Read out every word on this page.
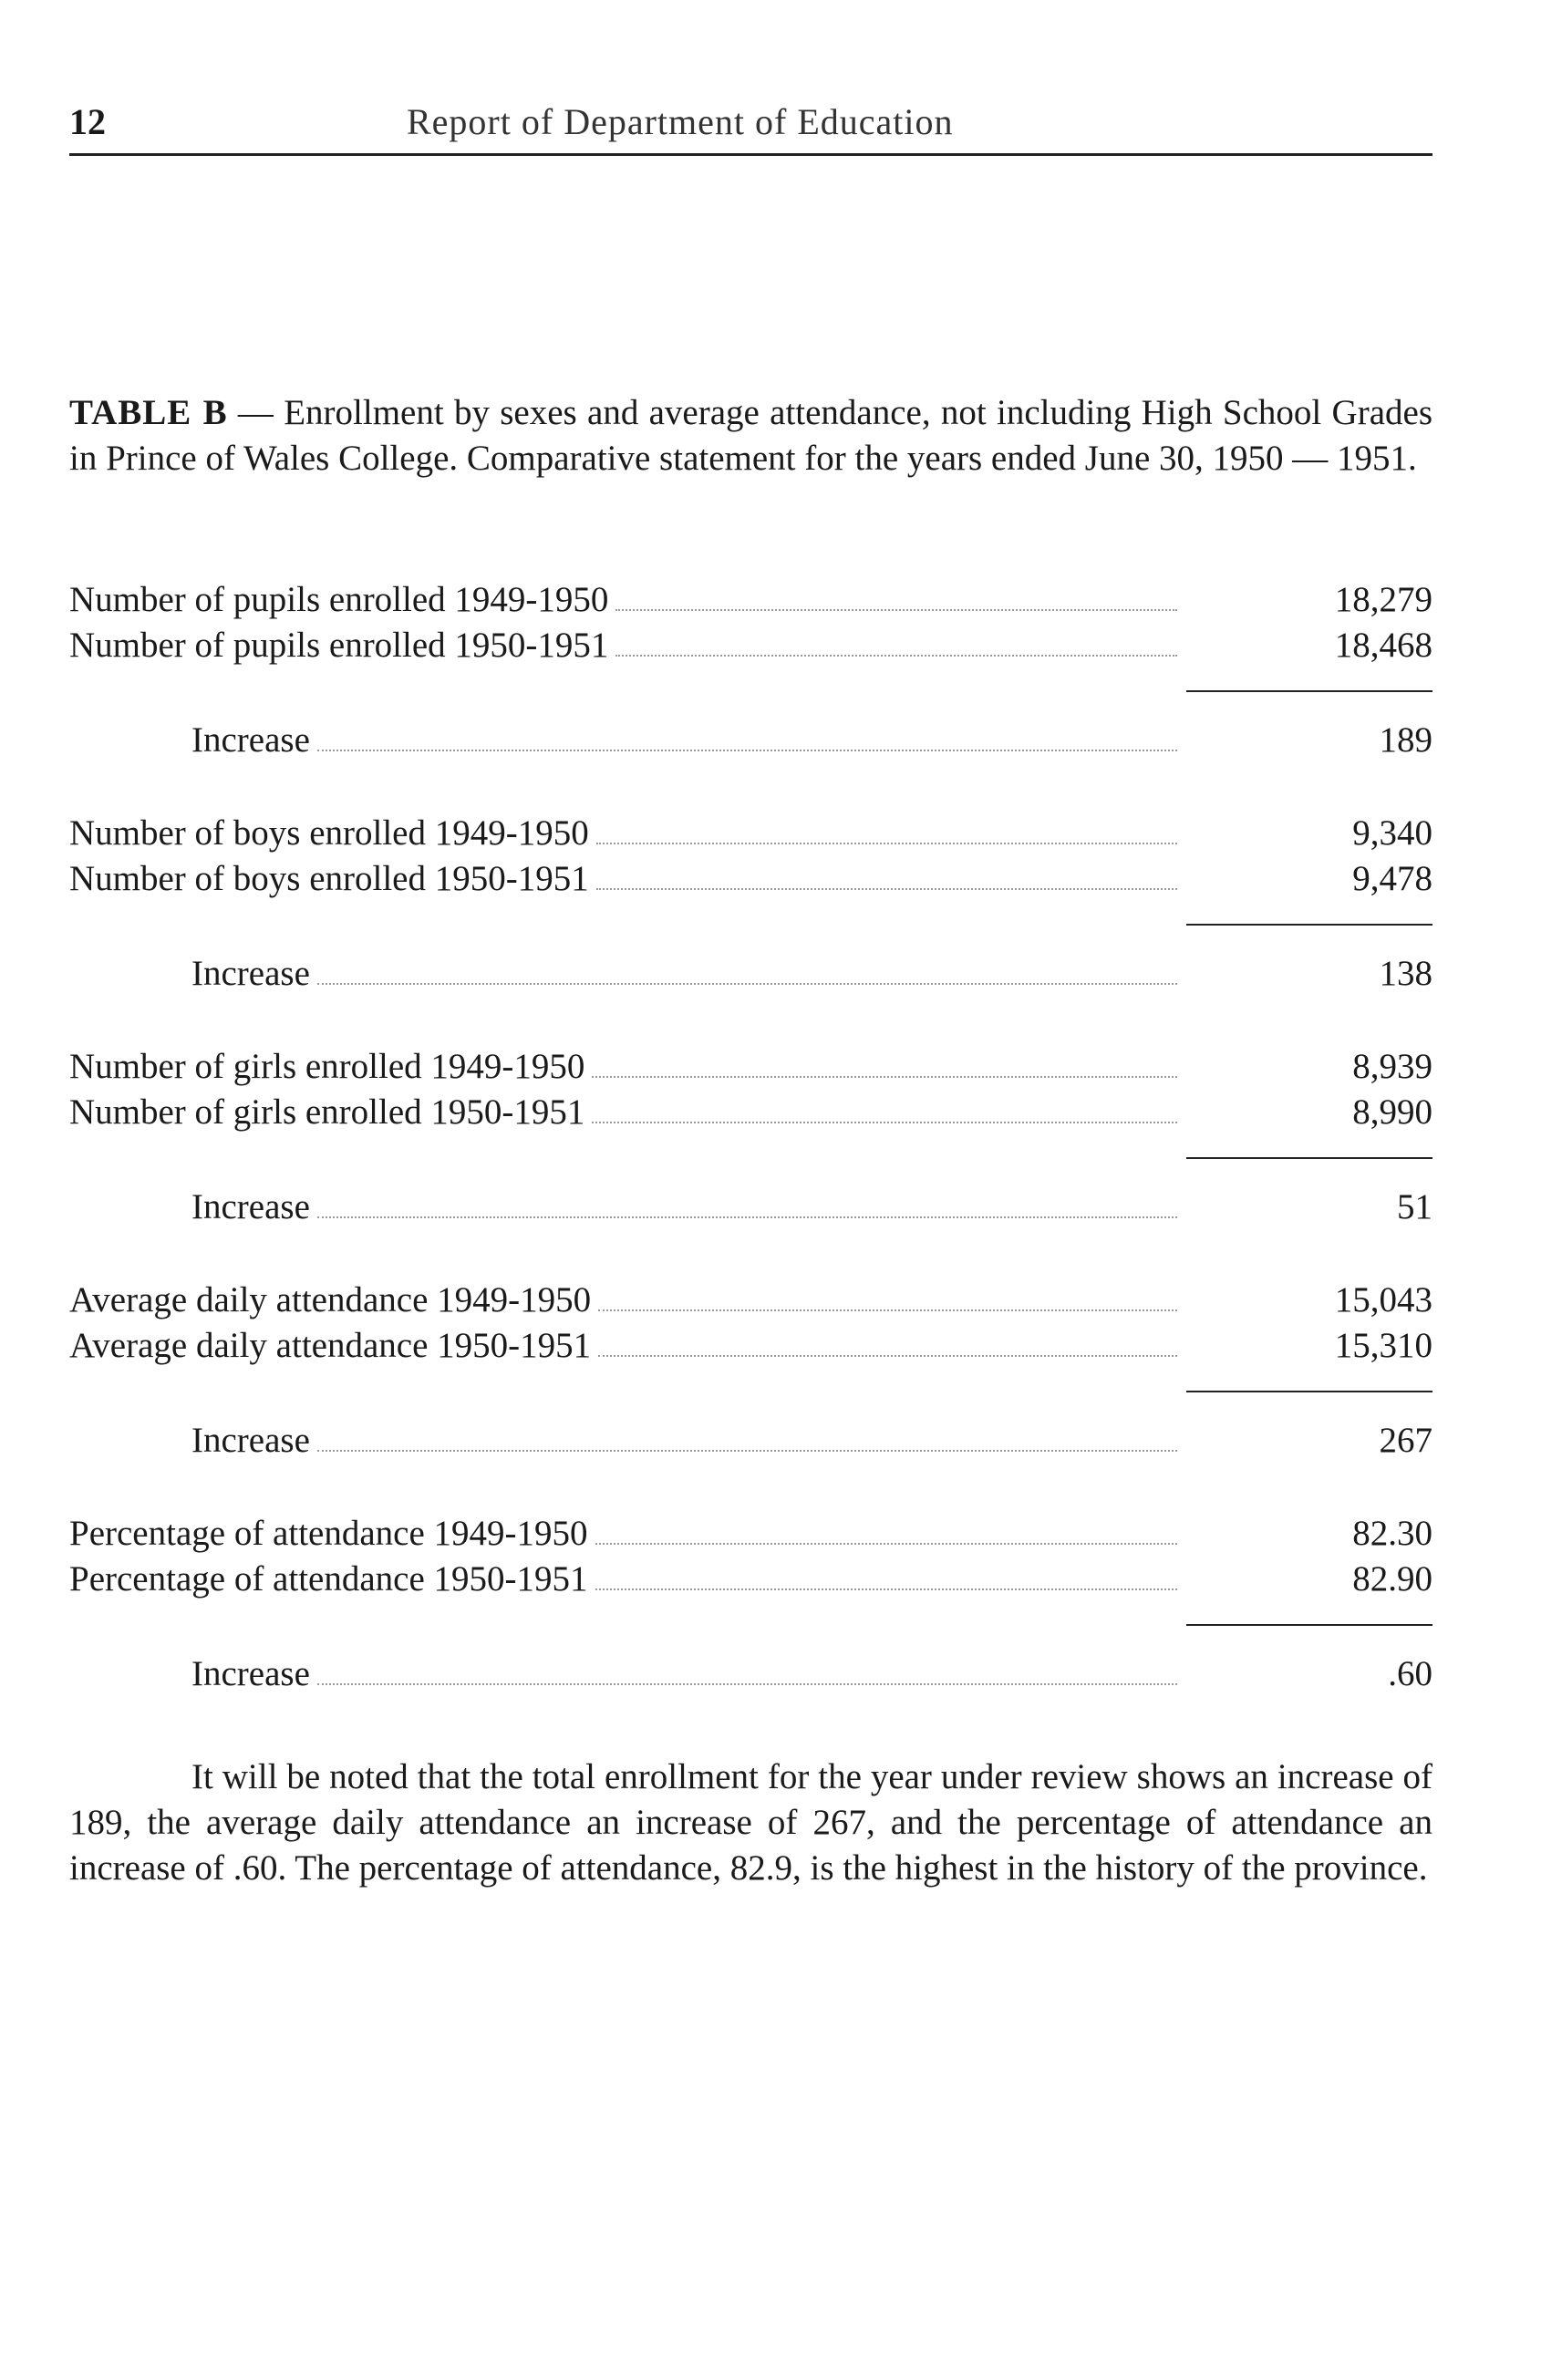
12	Report of Department of Education
TABLE B — Enrollment by sexes and average attendance, not including High School Grades in Prince of Wales College. Comparative statement for the years ended June 30, 1950 — 1951.
Number of pupils enrolled 1949-1950	18,279
Number of pupils enrolled 1950-1951	18,468
Increase	189
Number of boys enrolled 1949-1950	9,340
Number of boys enrolled 1950-1951	9,478
Increase	138
Number of girls enrolled 1949-1950	8,939
Number of girls enrolled 1950-1951	8,990
Increase	51
Average daily attendance 1949-1950	15,043
Average daily attendance 1950-1951	15,310
Increase	267
Percentage of attendance 1949-1950	82.30
Percentage of attendance 1950-1951	82.90
Increase	.60

It will be noted that the total enrollment for the year under review shows an increase of 189, the average daily attendance an increase of 267, and the percentage of attendance an increase of .60. The percentage of attendance, 82.9, is the highest in the history of the province.
